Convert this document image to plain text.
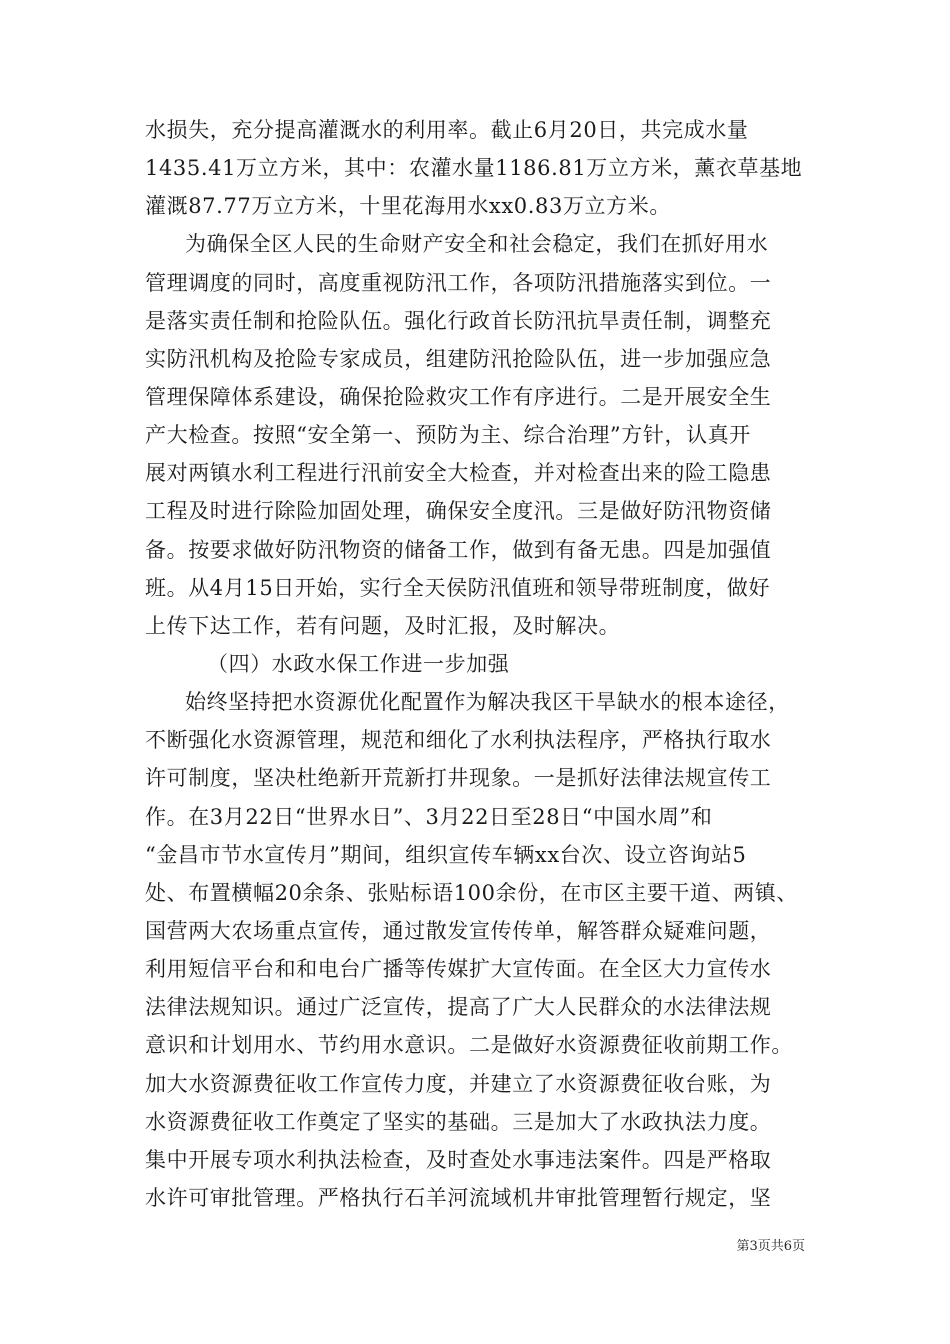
水损失，充分提高灌溉水的利用率。截止6月20日，共完成水量
1435.41万立方米，其中：农灌水量1186.81万立方米，薰衣草基地
灌溉87.77万立方米，十里花海用水xx0.83万立方米。
为确保全区人民的生命财产安全和社会稳定，我们在抓好用水
管理调度的同时，高度重视防汛工作，各项防汛措施落实到位。一
是落实责任制和抢险队伍。强化行政首长防汛抗旱责任制，调整充
实防汛机构及抢险专家成员，组建防汛抢险队伍，进一步加强应急
管理保障体系建设，确保抢险救灾工作有序进行。二是开展安全生
产大检查。按照“安全第一、预防为主、综合治理”方针，认真开
展对两镇水利工程进行汛前安全大检查，并对检查出来的险工隐患
工程及时进行除险加固处理，确保安全度汛。三是做好防汛物资储
备。按要求做好防汛物资的储备工作，做到有备无患。四是加强值
班。从4月15日开始，实行全天侯防汛值班和领导带班制度，做好
上传下达工作，若有问题，及时汇报，及时解决。
（四）水政水保工作进一步加强
始终坚持把水资源优化配置作为解决我区干旱缺水的根本途径，
不断强化水资源管理，规范和细化了水利执法程序，严格执行取水
许可制度，坚决杜绝新开荒新打井现象。一是抓好法律法规宣传工
作。在3月22日“世界水日”、3月22日至28日“中国水周”和
“金昌市节水宣传月”期间，组织宣传车辆xx台次、设立咨询站5
处、布置横幅20余条、张贴标语100余份，在市区主要干道、两镇、
国营两大农场重点宣传，通过散发宣传传单，解答群众疑难问题，
利用短信平台和和电台广播等传媒扩大宣传面。在全区大力宣传水
法律法规知识。通过广泛宣传，提高了广大人民群众的水法律法规
意识和计划用水、节约用水意识。二是做好水资源费征收前期工作。
加大水资源费征收工作宣传力度，并建立了水资源费征收台账，为
水资源费征收工作奠定了坚实的基础。三是加大了水政执法力度。
集中开展专项水利执法检查，及时查处水事违法案件。四是严格取
水许可审批管理。严格执行石羊河流域机井审批管理暂行规定，坚
第3页共6页
